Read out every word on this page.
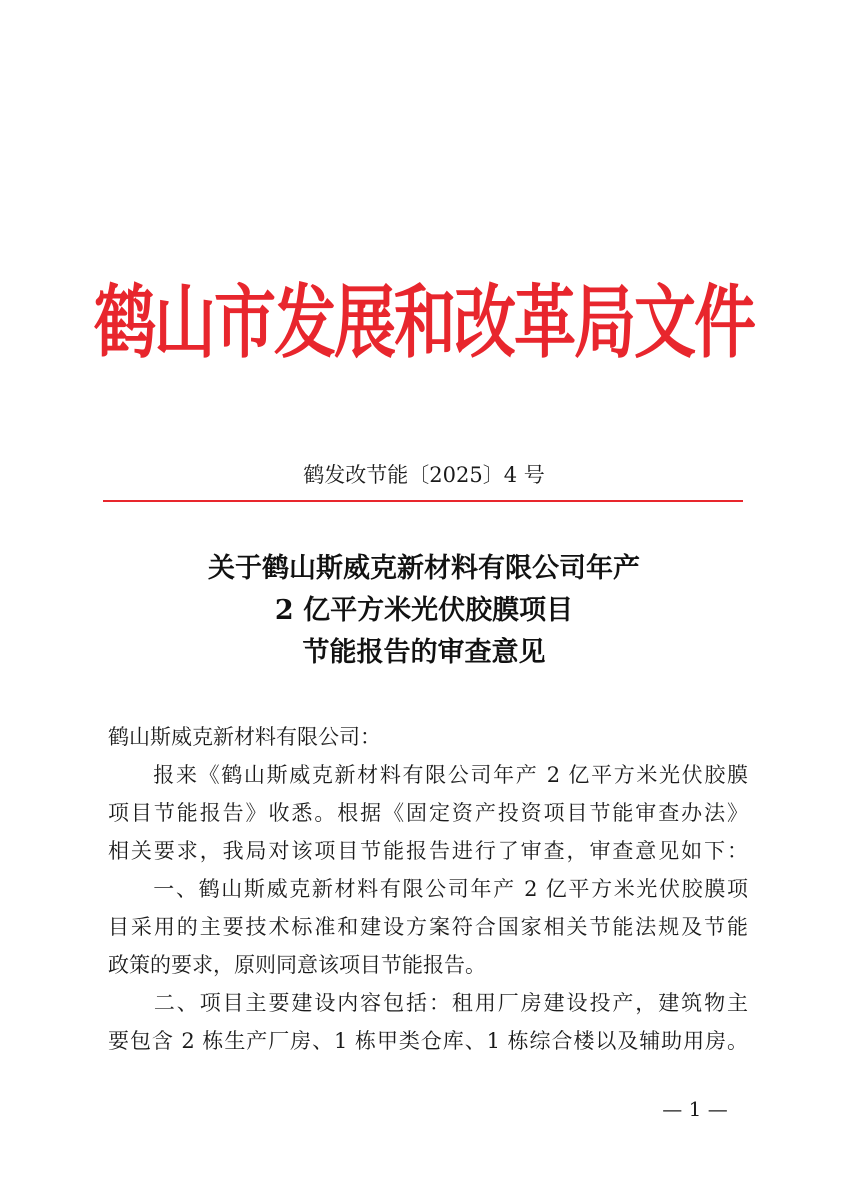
鹤山市发展和改革局文件
鹤发改节能〔2025〕4 号
关于鹤山斯威克新材料有限公司年产
2 亿平方米光伏胶膜项目
节能报告的审查意见
鹤山斯威克新材料有限公司：
　　报来《鹤山斯威克新材料有限公司年产 2 亿平方米光伏胶膜
项目节能报告》收悉。根据《固定资产投资项目节能审查办法》
相关要求，我局对该项目节能报告进行了审查，审查意见如下：
　　一、鹤山斯威克新材料有限公司年产 2 亿平方米光伏胶膜项
目采用的主要技术标准和建设方案符合国家相关节能法规及节能
政策的要求，原则同意该项目节能报告。
　　二、项目主要建设内容包括：租用厂房建设投产，建筑物主
要包含 2 栋生产厂房、1 栋甲类仓库、1 栋综合楼以及辅助用房。
— 1 —
